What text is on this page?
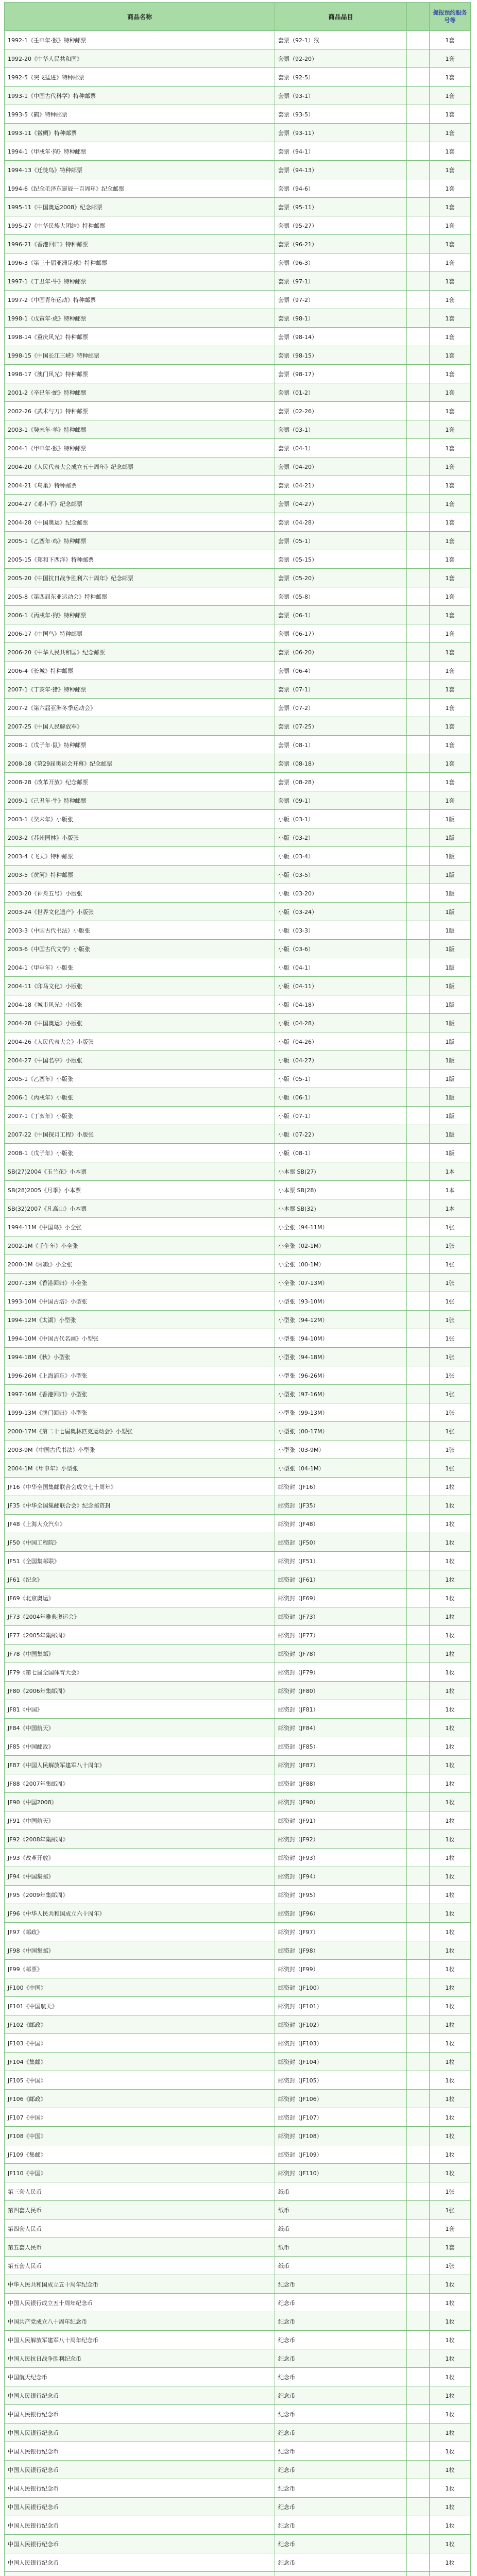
商品名称	商品品目		提报预约服务号等
1992-1《壬申年·猴》特种邮票	套票（92-1）猴		1套
1992-20《中华人民共和国》	套票（92-20）		1套
1992-5《突飞猛进》特种邮票	套票（92-5）		1套
1993-1《中国古代科学》特种邮票	套票（93-1）		1套
1993-5《鹤》特种邮票	套票（93-5）		1套
1993-11《鲎鲷》特种邮票	套票（93-11）		1套
1994-1《甲戌年·狗》特种邮票	套票（94-1）		1套
1994-13《迁徙鸟》特种邮票	套票（94-13）		1套
1994-6《纪念毛泽东诞辰一百周年》纪念邮票	套票（94-6）		1套
1995-11《中国奥运2008》纪念邮票	套票（95-11）		1套
1995-27《中华民族大团结》特种邮票	套票（95-27）		1套
1996-21《香港回归》特种邮票	套票（96-21）		1套
1996-3《第三十届亚洲足球》特种邮票	套票（96-3）		1套
1997-1《丁丑年·牛》特种邮票	套票（97-1）		1套
1997-2《中国青年运动》特种邮票	套票（97-2）		1套
1998-1《戊寅年·虎》特种邮票	套票（98-1）		1套
1998-14《重庆风光》特种邮票	套票（98-14）		1套
1998-15《中国长江三峡》特种邮票	套票（98-15）		1套
1998-17《澳门风光》特种邮票	套票（98-17）		1套
2001-2《辛巳年·蛇》特种邮票	套票（01-2）		1套
2002-26《武术与刀》特种邮票	套票（02-26）		1套
2003-1《癸未年·羊》特种邮票	套票（03-1）		1套
2004-1《甲申年·猴》特种邮票	套票（04-1）		1套
2004-20《人民代表大会成立五十周年》纪念邮票	套票（04-20）		1套
2004-21《鸟巢》特种邮票	套票（04-21）		1套
2004-27《邓小平》纪念邮票	套票（04-27）		1套
2004-28《中国奥运》纪念邮票	套票（04-28）		1套
2005-1《乙酉年·鸡》特种邮票	套票（05-1）		1套
2005-15《郑和下西洋》特种邮票	套票（05-15）		1套
2005-20《中国抗日战争胜利六十周年》纪念邮票	套票（05-20）		1套
2005-8《第四届东亚运动会》特种邮票	套票（05-8）		1套
2006-1《丙戌年·狗》特种邮票	套票（06-1）		1套
2006-17《中国鸟》特种邮票	套票（06-17）		1套
2006-20《中华人民共和国》纪念邮票	套票（06-20）		1套
2006-4《长城》特种邮票	套票（06-4）		1套
2007-1《丁亥年·猪》特种邮票	套票（07-1）		1套
2007-2《第六届亚洲冬季运动会》	套票（07-2）		1套
2007-25《中国人民解放军》	套票（07-25）		1套
2008-1《戊子年·鼠》特种邮票	套票（08-1）		1套
2008-18《第29届奥运会开幕》纪念邮票	套票（08-18）		1套
2008-28《改革开放》纪念邮票	套票（08-28）		1套
2009-1《己丑年·牛》特种邮票	套票（09-1）		1套
2003-1《癸未年》小版张	小版（03-1）		1版
2003-2《苏州园林》小版张	小版（03-2）		1版
2003-4《飞天》特种邮票	小版（03-4）		1版
2003-5《黄河》特种邮票	小版（03-5）		1版
2003-20《神舟五号》小版张	小版（03-20）		1版
2003-24《世界文化遗产》小版张	小版（03-24）		1版
2003-3《中国古代书法》小版张	小版（03-3）		1版
2003-6《中国古代文学》小版张	小版（03-6）		1版
2004-1《甲申年》小版张	小版（04-1）		1版
2004-11《印马文化》小版张	小版（04-11）		1版
2004-18《城市风光》小版张	小版（04-18）		1版
2004-28《中国奥运》小版张	小版（04-28）		1版
2004-26《人民代表大会》小版张	小版（04-26）		1版
2004-27《中国名亭》小版张	小版（04-27）		1版
2005-1《乙酉年》小版张	小版（05-1）		1版
2006-1《丙戌年》小版张	小版（06-1）		1版
2007-1《丁亥年》小版张	小版（07-1）		1版
2007-22《中国探月工程》小版张	小版（07-22）		1版
2008-1《戊子年》小版张	小版（08-1）		1版
SB(27)2004《玉兰花》小本票	小本票 SB(27)		1本
SB(28)2005《月季》小本票	小本票 SB(28)		1本
SB(32)2007《凡高山》小本票	小本票 SB(32)		1本
1994-11M《中国鸟》小全张	小全张（94-11M）		1张
2002-1M《壬午年》小全张	小全张（02-1M）		1张
2000-1M《邮政》小全张	小全张（00-1M）		1张
2007-13M《香港回归》小全张	小全张（07-13M）		1张
1993-10M《中国古塔》小型张	小型张（93-10M）		1张
1994-12M《太湖》小型张	小型张（94-12M）		1张
1994-10M《中国古代名画》小型张	小型张（94-10M）		1张
1994-18M《秋》小型张	小型张（94-18M）		1张
1996-26M《上海浦东》小型张	小型张（96-26M）		1张
1997-16M《香港回归》小型张	小型张（97-16M）		1张
1999-13M《澳门回归》小型张	小型张（99-13M）		1张
2000-17M《第二十七届奥林匹克运动会》小型张	小型张（00-17M）		1张
2003-9M《中国古代书法》小型张	小型张（03-9M）		1张
2004-1M《甲申年》小型张	小型张（04-1M）		1张
JF16《中华全国集邮联合会成立七十周年》	邮资封（JF16）		1枚
JF35《中华全国集邮联合会》纪念邮资封	邮资封（JF35）		1枚
JF48《上海大众汽车》	邮资封（JF48）		1枚
JF50《中国工程院》	邮资封（JF50）		1枚
JF51《全国集邮联》	邮资封（JF51）		1枚
JF61《纪念》	邮资封（JF61）		1枚
JF69《北京奥运》	邮资封（JF69）		1枚
JF73《2004年雅典奥运会》	邮资封（JF73）		1枚
JF77《2005年集邮周》	邮资封（JF77）		1枚
JF78《中国集邮》	邮资封（JF78）		1枚
JF79《第七届全国体育大会》	邮资封（JF79）		1枚
JF80《2006年集邮周》	邮资封（JF80）		1枚
JF81《中国》	邮资封（JF81）		1枚
JF84《中国航天》	邮资封（JF84）		1枚
JF85《中国邮政》	邮资封（JF85）		1枚
JF87《中国人民解放军建军八十周年》	邮资封（JF87）		1枚
JF88《2007年集邮周》	邮资封（JF88）		1枚
JF90《中国2008》	邮资封（JF90）		1枚
JF91《中国航天》	邮资封（JF91）		1枚
JF92《2008年集邮周》	邮资封（JF92）		1枚
JF93《改革开放》	邮资封（JF93）		1枚
JF94《中国集邮》	邮资封（JF94）		1枚
JF95《2009年集邮周》	邮资封（JF95）		1枚
JF96《中华人民共和国成立六十周年》	邮资封（JF96）		1枚
JF97《邮政》	邮资封（JF97）		1枚
JF98《中国集邮》	邮资封（JF98）		1枚
JF99《邮票》	邮资封（JF99）		1枚
JF100《中国》	邮资封（JF100）		1枚
JF101《中国航天》	邮资封（JF101）		1枚
JF102《邮政》	邮资封（JF102）		1枚
JF103《中国》	邮资封（JF103）		1枚
JF104《集邮》	邮资封（JF104）		1枚
JF105《中国》	邮资封（JF105）		1枚
JF106《邮政》	邮资封（JF106）		1枚
JF107《中国》	邮资封（JF107）		1枚
JF108《中国》	邮资封（JF108）		1枚
JF109《集邮》	邮资封（JF109）		1枚
JF110《中国》	邮资封（JF110）		1枚
第三套人民币	纸币		1张
第四套人民币	纸币		1张
第四套人民币	纸币		1套
第五套人民币	纸币		1套
第五套人民币	纸币		1张
中华人民共和国成立五十周年纪念币	纪念币		1枚
中国人民银行成立五十周年纪念币	纪念币		1枚
中国共产党成立八十周年纪念币	纪念币		1枚
中国人民解放军建军八十周年纪念币	纪念币		1枚
中国人民抗日战争胜利纪念币	纪念币		1枚
中国航天纪念币	纪念币		1枚
中国人民银行纪念币	纪念币		1枚
中国人民银行纪念币	纪念币		1枚
中国人民银行纪念币	纪念币		1枚
中国人民银行纪念币	纪念币		1枚
中国人民银行纪念币	纪念币		1枚
中国人民银行纪念币	纪念币		1枚
中国人民银行纪念币	纪念币		1枚
中国人民银行纪念币	纪念币		1枚
中国人民银行纪念币	纪念币		1枚
中国人民银行纪念币	纪念币		1枚
